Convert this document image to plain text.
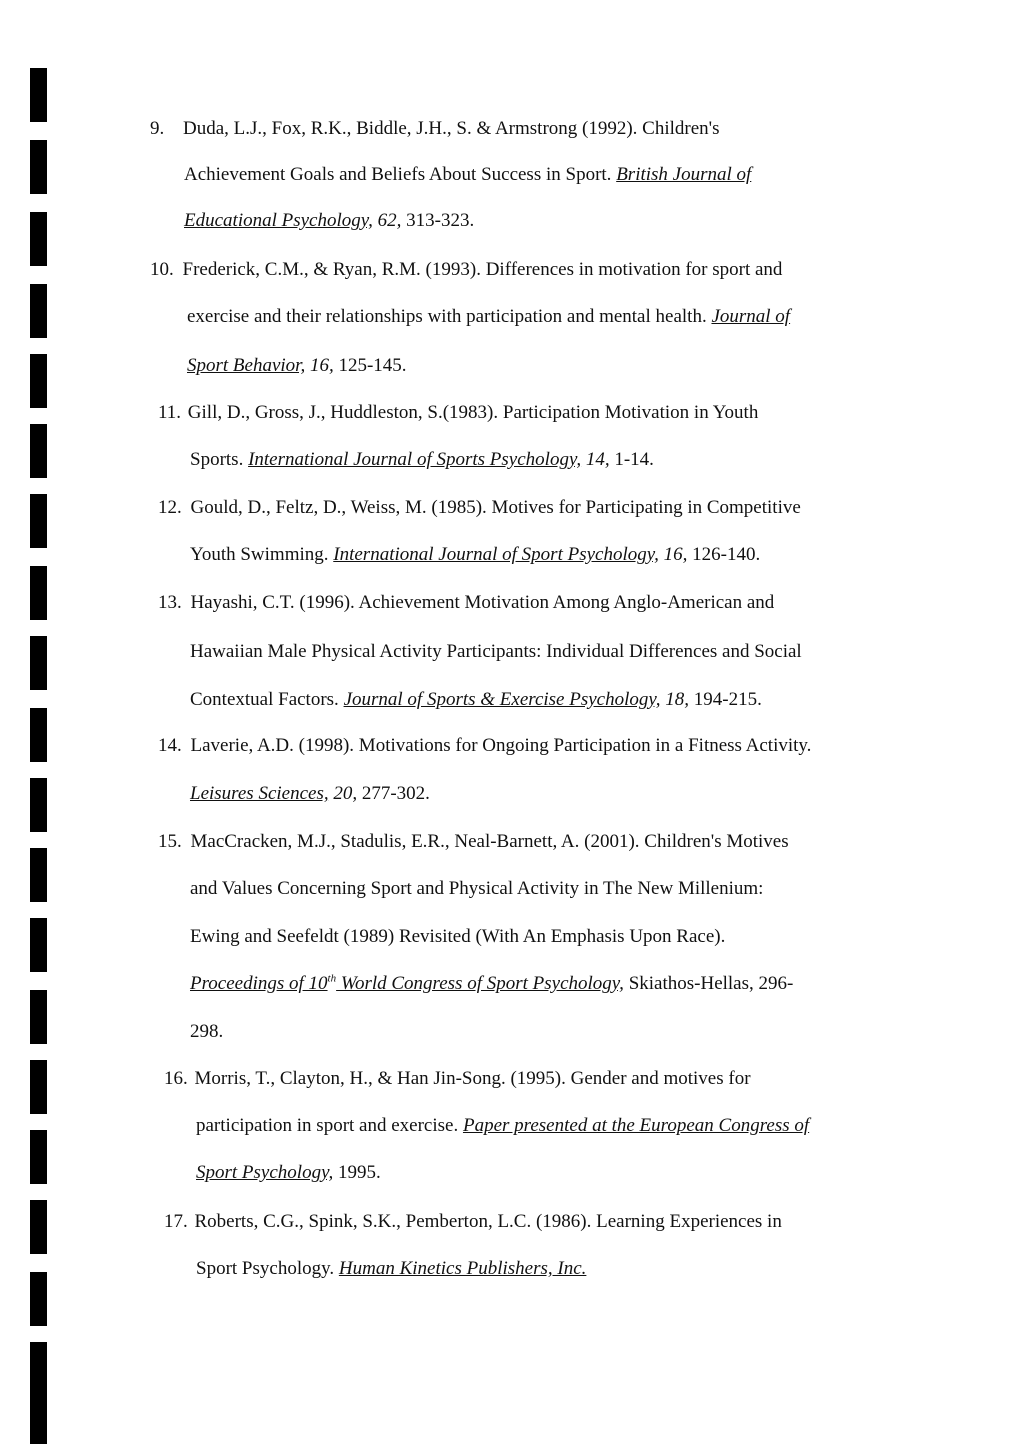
9. Duda, L.J., Fox, R.K., Biddle, J.H., S. & Armstrong (1992). Children's
Achievement Goals and Beliefs About Success in Sport. British Journal of
Educational Psychology, 62, 313-323.
10. Frederick, C.M., & Ryan, R.M. (1993). Differences in motivation for sport and
exercise and their relationships with participation and mental health. Journal of
Sport Behavior, 16, 125-145.
11. Gill, D., Gross, J., Huddleston, S.(1983). Participation Motivation in Youth
Sports. International Journal of Sports Psychology, 14, 1-14.
12. Gould, D., Feltz, D., Weiss, M. (1985). Motives for Participating in Competitive
Youth Swimming. International Journal of Sport Psychology, 16, 126-140.
13. Hayashi, C.T. (1996). Achievement Motivation Among Anglo-American and
Hawaiian Male Physical Activity Participants: Individual Differences and Social
Contextual Factors. Journal of Sports & Exercise Psychology, 18, 194-215.
14. Laverie, A.D. (1998). Motivations for Ongoing Participation in a Fitness Activity.
Leisures Sciences, 20, 277-302.
15. MacCracken, M.J., Stadulis, E.R., Neal-Barnett, A. (2001). Children's Motives
and Values Concerning Sport and Physical Activity in The New Millenium:
Ewing and Seefeldt (1989) Revisited (With An Emphasis Upon Race).
Proceedings of 10th World Congress of Sport Psychology, Skiathos-Hellas, 296-
298.
16. Morris, T., Clayton, H., & Han Jin-Song. (1995). Gender and motives for
participation in sport and exercise. Paper presented at the European Congress of
Sport Psychology, 1995.
17. Roberts, C.G., Spink, S.K., Pemberton, L.C. (1986). Learning Experiences in
Sport Psychology. Human Kinetics Publishers, Inc.
